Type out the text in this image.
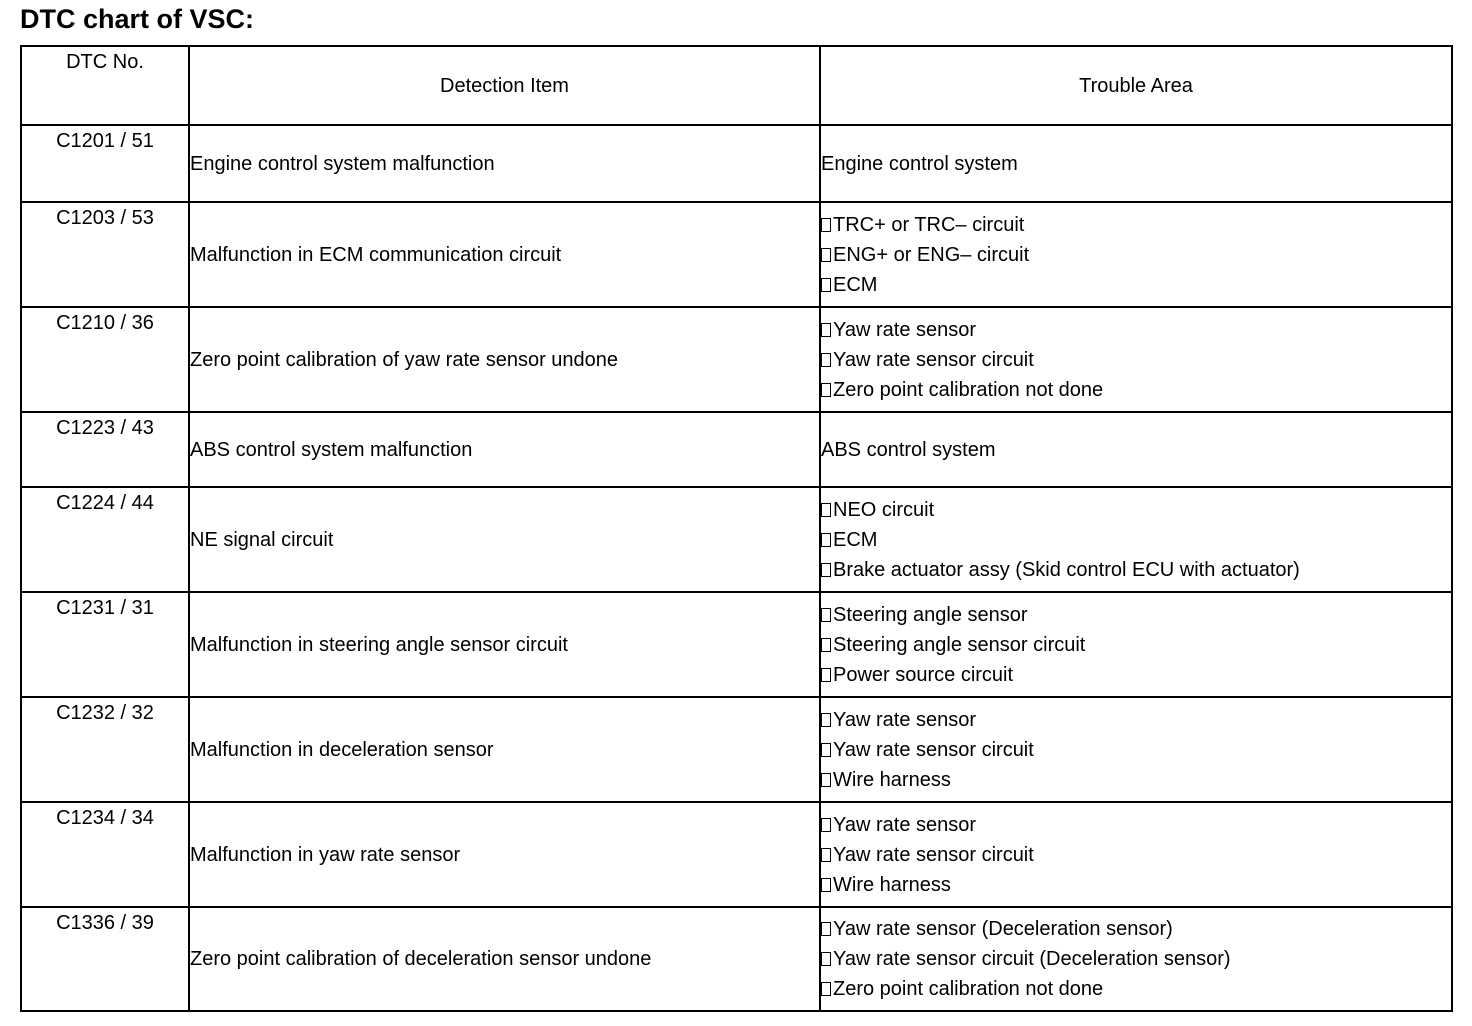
DTC chart of VSC:
DTC No.	Detection Item	Trouble Area
C1201 / 51	Engine control system malfunction	Engine control system

C1203 / 53	Malfunction in ECM communication circuit	TRC+ or TRC– circuit
ENG+ or ENG– circuit
ECM

C1210 / 36	Zero point calibration of yaw rate sensor undone	Yaw rate sensor
Yaw rate sensor circuit
Zero point calibration not done

C1223 / 43	ABS control system malfunction	ABS control system

C1224 / 44	NE signal circuit	NEO circuit
ECM
Brake actuator assy (Skid control ECU with actuator)

C1231 / 31	Malfunction in steering angle sensor circuit	Steering angle sensor
Steering angle sensor circuit
Power source circuit

C1232 / 32	Malfunction in deceleration sensor	Yaw rate sensor
Yaw rate sensor circuit
Wire harness

C1234 / 34	Malfunction in yaw rate sensor	Yaw rate sensor
Yaw rate sensor circuit
Wire harness

C1336 / 39	Zero point calibration of deceleration sensor undone	Yaw rate sensor (Deceleration sensor)
Yaw rate sensor circuit (Deceleration sensor)
Zero point calibration not done
